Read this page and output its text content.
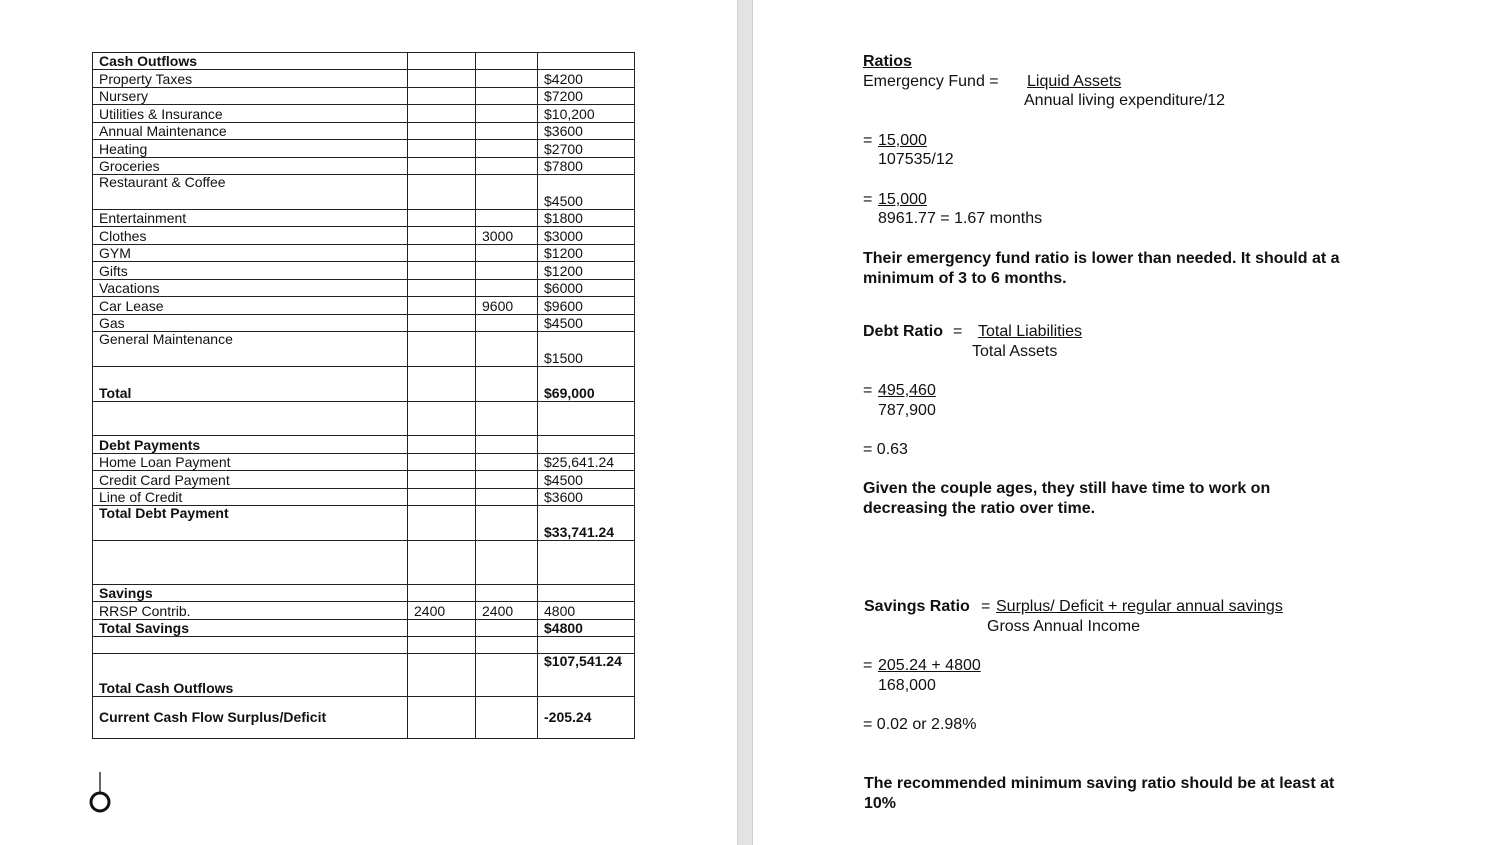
Cash Outflows			
Property Taxes			$4200
Nursery			$7200
Utilities & Insurance			$10,200
Annual Maintenance			$3600
Heating			$2700
Groceries			$7800
Restaurant & Coffee			$4500
Entertainment			$1800
Clothes		3000	$3000
GYM			$1200
Gifts			$1200
Vacations			$6000
Car Lease		9600	$9600
Gas			$4500
General Maintenance			$1500
Total			$69,000

Debt Payments			
Home Loan Payment			$25,641.24
Credit Card Payment			$4500
Line of Credit			$3600
Total Debt Payment			$33,741.24

Savings			
RRSP Contrib.	2400	2400	4800
Total Savings			$4800

Total Cash Outflows			$107,541.24
Current Cash Flow Surplus/Deficit			-205.24
Ratios
Emergency Fund = Liquid Assets
Annual living expenditure/12
= 15,000
107535/12
= 15,000
8961.77 = 1.67 months
Their emergency fund ratio is lower than needed. It should at a
minimum of 3 to 6 months.
Debt Ratio = Total Liabilities
Total Assets
= 495,460
787,900
= 0.63
Given the couple ages, they still have time to work on
decreasing the ratio over time.
Savings Ratio = Surplus/ Deficit + regular annual savings
Gross Annual Income
= 205.24 + 4800
168,000
= 0.02 or 2.98%
The recommended minimum saving ratio should be at least at
10%
